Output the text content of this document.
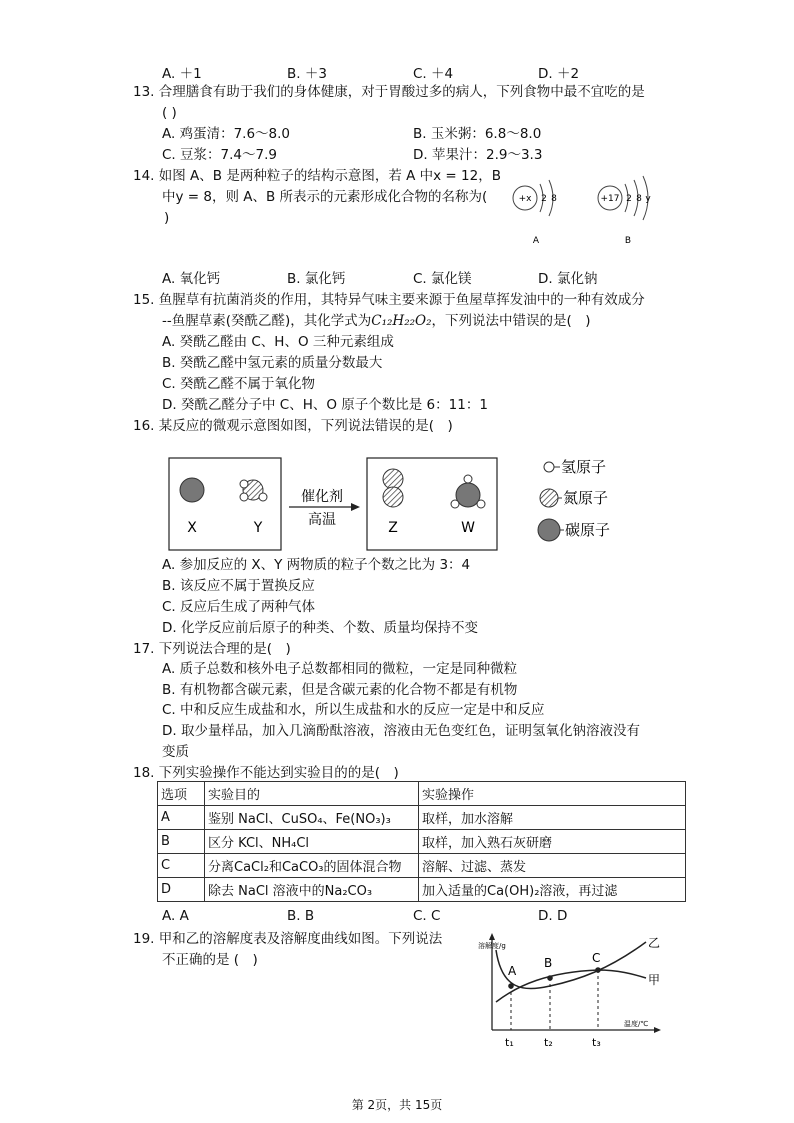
A. ＋1	B. ＋3	C. ＋4	D. ＋2
13. 合理膳食有助于我们的身体健康，对于胃酸过多的病人，下列食物中最不宜吃的是
( )
A. 鸡蛋清：7.6～8.0	B. 玉米粥：6.8～8.0
C. 豆浆：7.4～7.9	D. 苹果汁：2.9～3.3
14. 如图 A、B 是两种粒子的结构示意图，若 A 中x = 12，B
中y = 8，则 A、B 所表示的元素形成化合物的名称为(
)
+x 2 8
A
+17 2 8 y
B
A. 氧化钙	B. 氯化钙	C. 氯化镁	D. 氯化钠
15. 鱼腥草有抗菌消炎的作用，其特异气味主要来源于鱼屋草挥发油中的一种有效成分
--鱼腥草素(癸酰乙醛)，其化学式为C₁₂H₂₂O₂，下列说法中错误的是(　)
A. 癸酰乙醛由 C、H、O 三种元素组成
B. 癸酰乙醛中氢元素的质量分数最大
C. 癸酰乙醛不属于氧化物
D. 癸酰乙醛分子中 C、H、O 原子个数比是 6：11：1
16. 某反应的微观示意图如图，下列说法错误的是(　)
X	Y
催化剂
高温	Z	W
氢原子
氮原子
碳原子
A. 参加反应的 X、Y 两物质的粒子个数之比为 3：4
B. 该反应不属于置换反应
C. 反应后生成了两种气体
D. 化学反应前后原子的种类、个数、质量均保持不变
17. 下列说法合理的是(　)
A. 质子总数和核外电子总数都相同的微粒，一定是同种微粒
B. 有机物都含碳元素，但是含碳元素的化合物不都是有机物
C. 中和反应生成盐和水，所以生成盐和水的反应一定是中和反应
D. 取少量样品，加入几滴酚酞溶液，溶液由无色变红色，证明氢氧化钠溶液没有
变质
18. 下列实验操作不能达到实验目的的是(　)
选项	实验目的	实验操作
A	鉴别 NaCl、CuSO₄、Fe(NO₃)₃	取样，加水溶解
B	区分 KCl、NH₄Cl	取样，加入熟石灰研磨
C	分离CaCl₂和CaCO₃的固体混合物	溶解、过滤、蒸发
D	除去 NaCl 溶液中的Na₂CO₃	加入适量的Ca(OH)₂溶液，再过滤
A. A	B. B	C. C	D. D
19. 甲和乙的溶解度表及溶解度曲线如图。下列说法
不正确的是 (　)
溶解度/g
温度/℃
乙
甲
A
B	C
t₁	t₂	t₃
第 2页，共 15页
